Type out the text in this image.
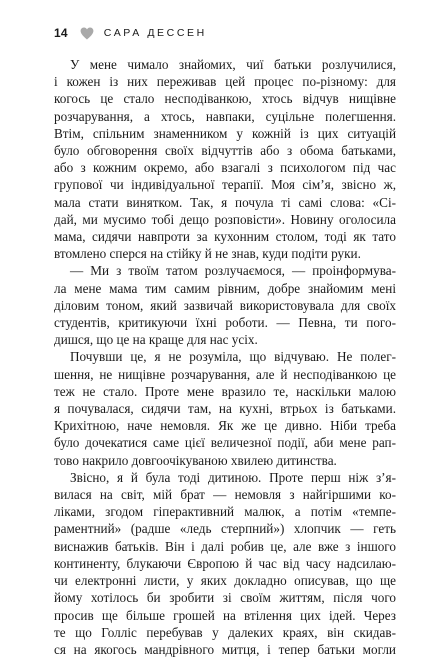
14	САРА ДЕССЕН
У мене чимало знайомих, чиї батьки розлучилися,
і кожен із них переживав цей процес по-різному: для
когось це стало несподіванкою, хтось відчув нищівне
розчарування, а хтось, навпаки, суцільне полегшення.
Втім, спільним знаменником у кожній із цих ситуацій
було обговорення своїх відчуттів або з обома батьками,
або з кожним окремо, або взагалі з психологом під час
групової чи індивідуальної терапії. Моя сім’я, звісно ж,
мала стати винятком. Так, я почула ті самі слова: «Сі-
дай, ми мусимо тобі дещо розповісти». Новину оголосила
мама, сидячи навпроти за кухонним столом, тоді як тато
втомлено сперся на стійку й не знав, куди подіти руки.
— Ми з твоїм татом розлучаємося, — проінформува-
ла мене мама тим самим рівним, добре знайомим мені
діловим тоном, який зазвичай використовувала для своїх
студентів, критикуючи їхні роботи. — Певна, ти пого-
дишся, що це на краще для нас усіх.
Почувши це, я не розуміла, що відчуваю. Не полег-
шення, не нищівне розчарування, але й несподіванкою це
теж не стало. Проте мене вразило те, наскільки малою
я почувалася, сидячи там, на кухні, втрьох із батьками.
Крихітною, наче немовля. Як же це дивно. Ніби треба
було дочекатися саме цієї величезної події, аби мене рап-
тово накрило довгоочікуваною хвилею дитинства.
Звісно, я й була тоді дитиною. Проте перш ніж з’я-
вилася на світ, мій брат — немовля з найгіршими ко-
ліками, згодом гіперактивний малюк, а потім «темпе-
раментний» (радше «ледь стерпний») хлопчик — геть
виснажив батьків. Він і далі робив це, але вже з іншого
континенту, блукаючи Європою й час від часу надсилаю-
чи електронні листи, у яких докладно описував, що ще
йому хотілось би зробити зі своїм життям, після чого
просив ще більше грошей на втілення цих ідей. Через
те що Голліс перебував у далеких краях, він скидав-
ся на якогось мандрівного митця, і тепер батьки могли
